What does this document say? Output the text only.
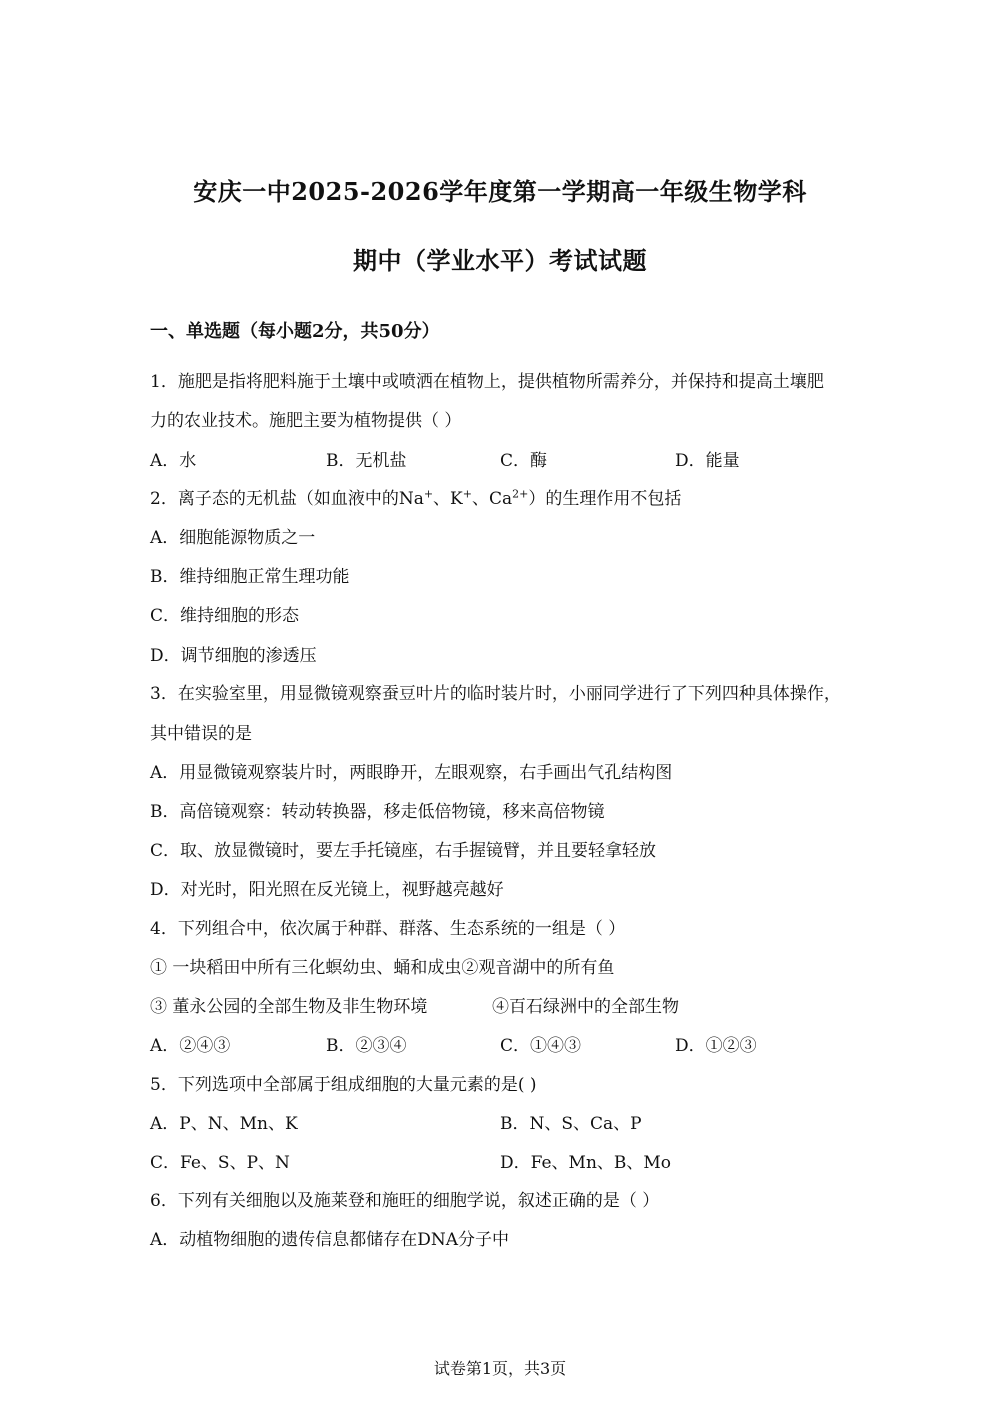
安庆一中2025-2026学年度第一学期高一年级生物学科
期中（学业水平）考试试题
一、单选题（每小题2分，共50分）
1．施肥是指将肥料施于土壤中或喷洒在植物上，提供植物所需养分，并保持和提高土壤肥
力的农业技术。施肥主要为植物提供（ ）
A．水	B．无机盐	C．酶	D．能量
2．离子态的无机盐（如血液中的Na+、K+、$Ca^{2+}$）的生理作用不包括
A．细胞能源物质之一
B．维持细胞正常生理功能
C．维持细胞的形态
D．调节细胞的渗透压
3．在实验室里，用显微镜观察蚕豆叶片的临时装片时，小丽同学进行了下列四种具体操作，
其中错误的是
A．用显微镜观察装片时，两眼睁开，左眼观察，右手画出气孔结构图
B．高倍镜观察：转动转换器，移走低倍物镜，移来高倍物镜
C．取、放显微镜时，要左手托镜座，右手握镜臂，并且要轻拿轻放
D．对光时，阳光照在反光镜上，视野越亮越好
4．下列组合中，依次属于种群、群落、生态系统的一组是（ ）
① 一块稻田中所有三化螟幼虫、蛹和成虫②观音湖中的所有鱼
③ 董永公园的全部生物及非生物环境	④百石绿洲中的全部生物
A．②④③	B．②③④	C．①④③	D．①②③
5．下列选项中全部属于组成细胞的大量元素的是( )
A．P、N、Mn、K	B．N、S、Ca、P
C．Fe、S、P、N	D．Fe、Mn、B、Mo
6．下列有关细胞以及施莱登和施旺的细胞学说，叙述正确的是（ ）
A．动植物细胞的遗传信息都储存在DNA分子中
试卷第1页，共3页
